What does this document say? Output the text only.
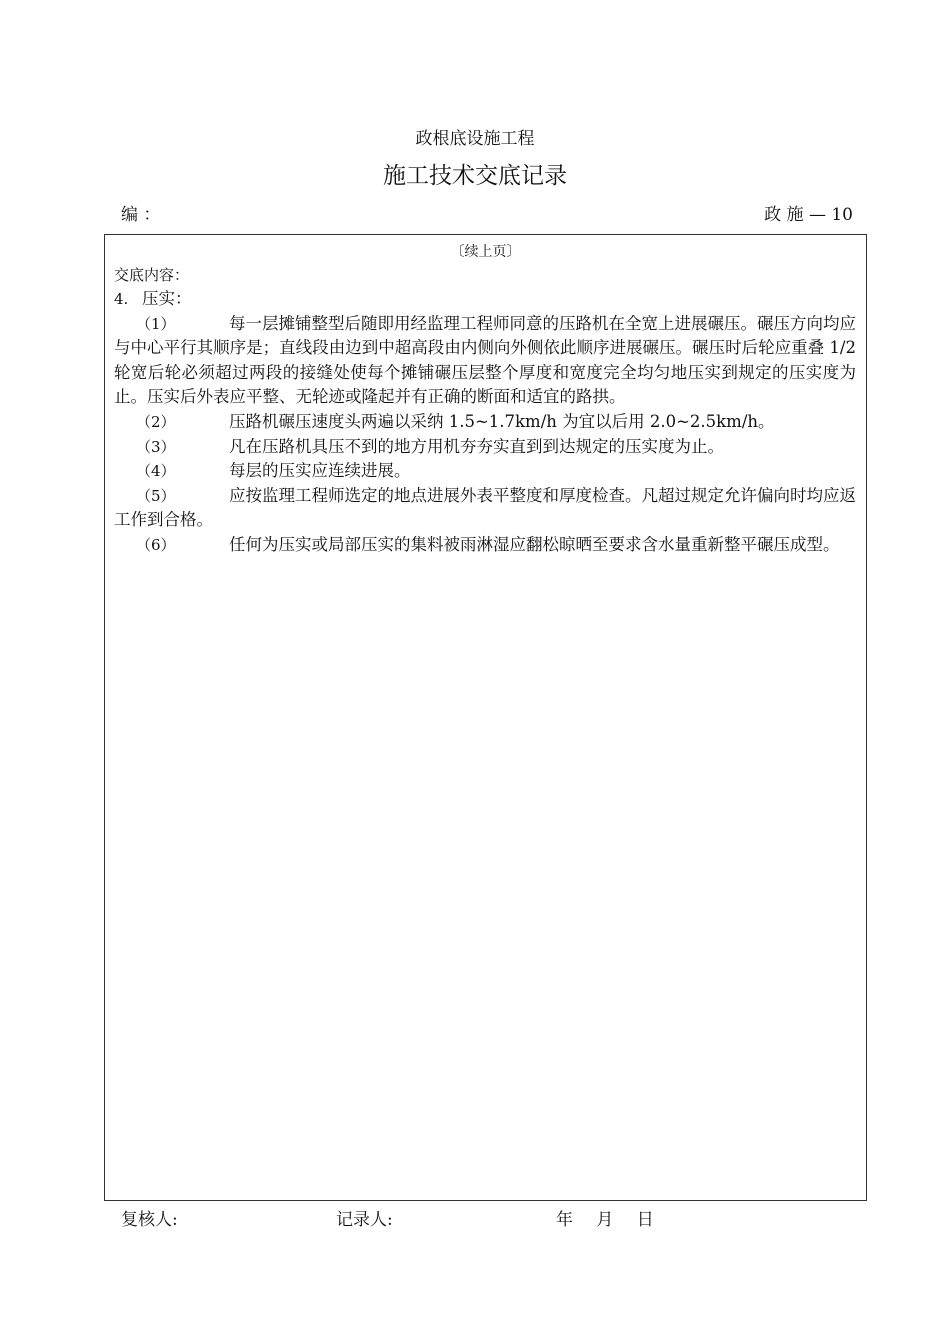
政根底设施工程
施工技术交底记录
编 ：	政 施 — 10
〔续上页〕
交底内容：
4. 压实：

（1）	每一层摊铺整型后随即用经监理工程师同意的压路机在全宽上进展碾压。碾压方向均应与中心平行其顺序是；直线段由边到中超高段由内侧向外侧依此顺序进展碾压。碾压时后轮应重叠 1/2 轮宽后轮必须超过两段的接缝处使每个摊铺碾压层整个厚度和宽度完全均匀地压实到规定的压实度为止。压实后外表应平整、无轮迹或隆起并有正确的断面和适宜的路拱。

（2）	压路机碾压速度头两遍以采纳 1.5~1.7km/h 为宜以后用 2.0~2.5km/h。

（3）	凡在压路机具压不到的地方用机夯夯实直到到达规定的压实度为止。

（4）	每层的压实应连续进展。

（5）	应按监理工程师选定的地点进展外表平整度和厚度检查。凡超过规定允许偏向时均应返工作到合格。

（6）	任何为压实或局部压实的集料被雨淋湿应翻松晾晒至要求含水量重新整平碾压成型。

复核人:	记录人:	年 月 日
